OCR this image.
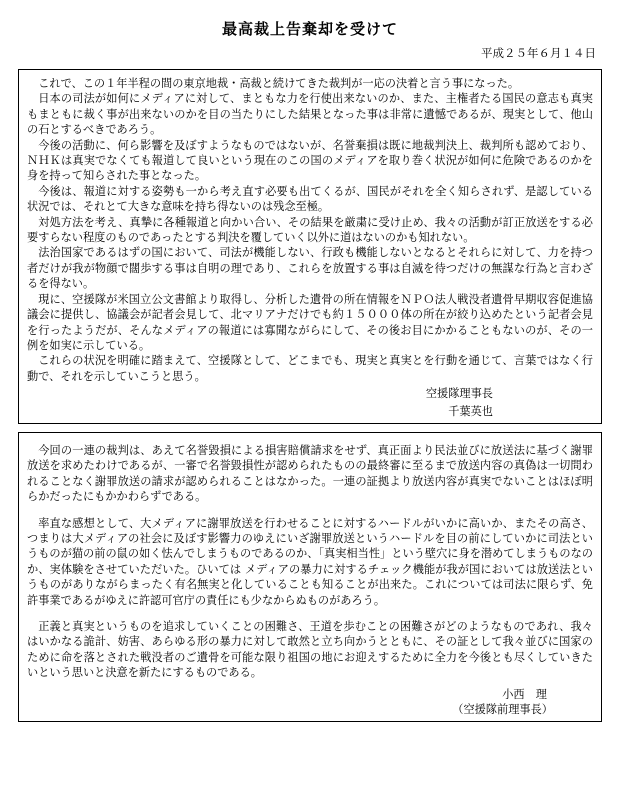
最高裁上告棄却を受けて
平成２５年６月１４日

これで、この１年半程の間の東京地裁・高裁と続けてきた裁判が一応の決着と言う事になった。

日本の司法が如何にメディアに対して、まともな力を行使出来ないのか、また、主権者たる国民の意志も真実もまともに裁く事が出来ないのかを目の当たりにした結果となった事は非常に遺憾であるが、現実として、他山の石とするべきであろう。

今後の活動に、何ら影響を及ぼすようなものではないが、名誉棄損は既に地裁判決上、裁判所も認めており、ＮＨＫは真実でなくても報道して良いという現在のこの国のメディアを取り巻く状況が如何に危険であるのかを身を持って知らされた事となった。

今後は、報道に対する姿勢も一から考え直す必要も出てくるが、国民がそれを全く知らされず、是認している状況では、それとて大きな意味を持ち得ないのは残念至極。

対処方法を考え、真摯に各種報道と向かい合い、その結果を厳粛に受け止め、我々の活動が訂正放送をする必要すらない程度のものであったとする判決を覆していく以外に道はないのかも知れない。

法治国家であるはずの国において、司法が機能しない、行政も機能しないとなるとそれらに対して、力を持つ者だけが我が物顔で闊歩する事は自明の理であり、これらを放置する事は自滅を待つだけの無謀な行為と言わざるを得ない。

現に、空援隊が米国立公文書館より取得し、分析した遺骨の所在情報をＮＰＯ法人戦没者遺骨早期収容促進協議会に提供し、協議会が記者会見して、北マリアナだけでも約１５０００体の所在が絞り込めたという記者会見を行ったようだが、そんなメディアの報道には寡聞ながらにして、その後お目にかかることもないのが、その一例を如実に示している。

これらの状況を明確に踏まえて、空援隊として、どこまでも、現実と真実とを行動を通じて、言葉ではなく行動で、それを示していこうと思う。

空援隊理事長
千葉英也

今回の一連の裁判は、あえて名誉毀損による損害賠償請求をせず、真正面より民法並びに放送法に基づく謝罪放送を求めたわけであるが、一審で名誉毀損性が認められたものの最終審に至るまで放送内容の真偽は一切問われることなく謝罪放送の請求が認められることはなかった。一連の証拠より放送内容が真実でないことはほぼ明らかだったにもかかわらずである。

率直な感想として、大メディアに謝罪放送を行わせることに対するハードルがいかに高いか、またその高さ、つまりは大メディアの社会に及ぼす影響力のゆえにいざ謝罪放送というハードルを目の前にしていかに司法というものが猫の前の鼠の如く怯んでしまうものであるのか、「真実相当性」という壁穴に身を潜めてしまうものなのか、実体験をさせていただいた。ひいては メディアの暴力に対するチェック機能が我が国においては放送法というものがありながらまったく有名無実と化していることも知ることが出来た。これについては司法に限らず、免許事業であるがゆえに許認可官庁の責任にも少なからぬものがあろう。

正義と真実というものを追求していくことの困難さ、王道を歩むことの困難さがどのようなものであれ、我々はいかなる詭計、妨害、あらゆる形の暴力に対して敢然と立ち向かうとともに、その証として我々並びに国家のために命を落とされた戦没者のご遺骨を可能な限り祖国の地にお迎えするために全力を今後とも尽くしていきたいという思いと決意を新たにするものである。

小西　理
（空援隊前理事長）
